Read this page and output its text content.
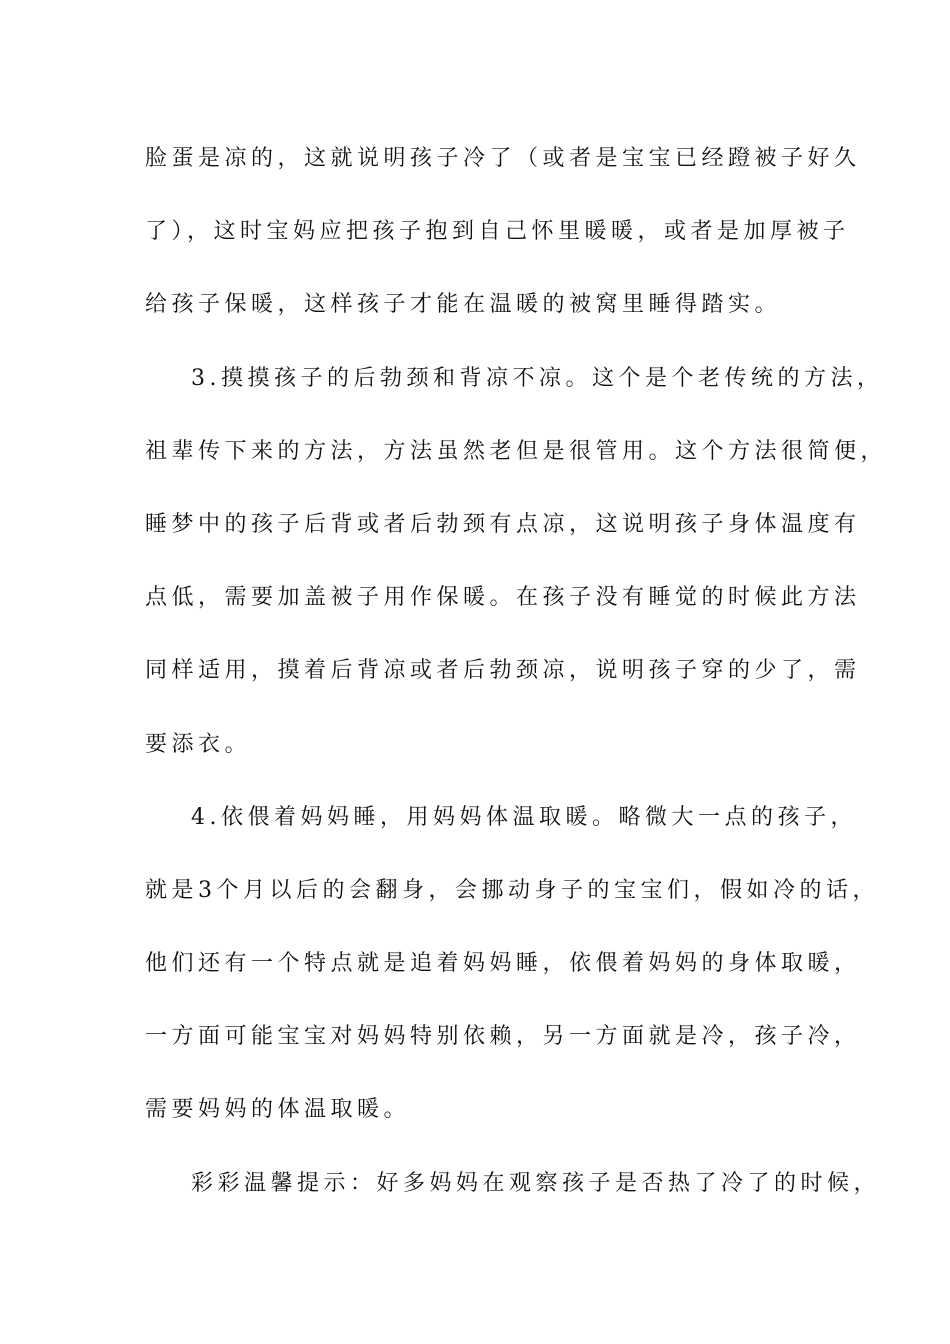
脸蛋是凉的，这就说明孩子冷了（或者是宝宝已经蹬被子好久
了），这时宝妈应把孩子抱到自己怀里暖暖，或者是加厚被子
给孩子保暖，这样孩子才能在温暖的被窝里睡得踏实。
3.摸摸孩子的后勃颈和背凉不凉。这个是个老传统的方法，
祖辈传下来的方法，方法虽然老但是很管用。这个方法很简便，
睡梦中的孩子后背或者后勃颈有点凉，这说明孩子身体温度有
点低，需要加盖被子用作保暖。在孩子没有睡觉的时候此方法
同样适用，摸着后背凉或者后勃颈凉，说明孩子穿的少了，需
要添衣。
4.依偎着妈妈睡，用妈妈体温取暖。略微大一点的孩子，
就是3个月以后的会翻身，会挪动身子的宝宝们，假如冷的话，
他们还有一个特点就是追着妈妈睡，依偎着妈妈的身体取暖，
一方面可能宝宝对妈妈特别依赖，另一方面就是冷，孩子冷，
需要妈妈的体温取暖。
彩彩温馨提示：好多妈妈在观察孩子是否热了冷了的时候，
